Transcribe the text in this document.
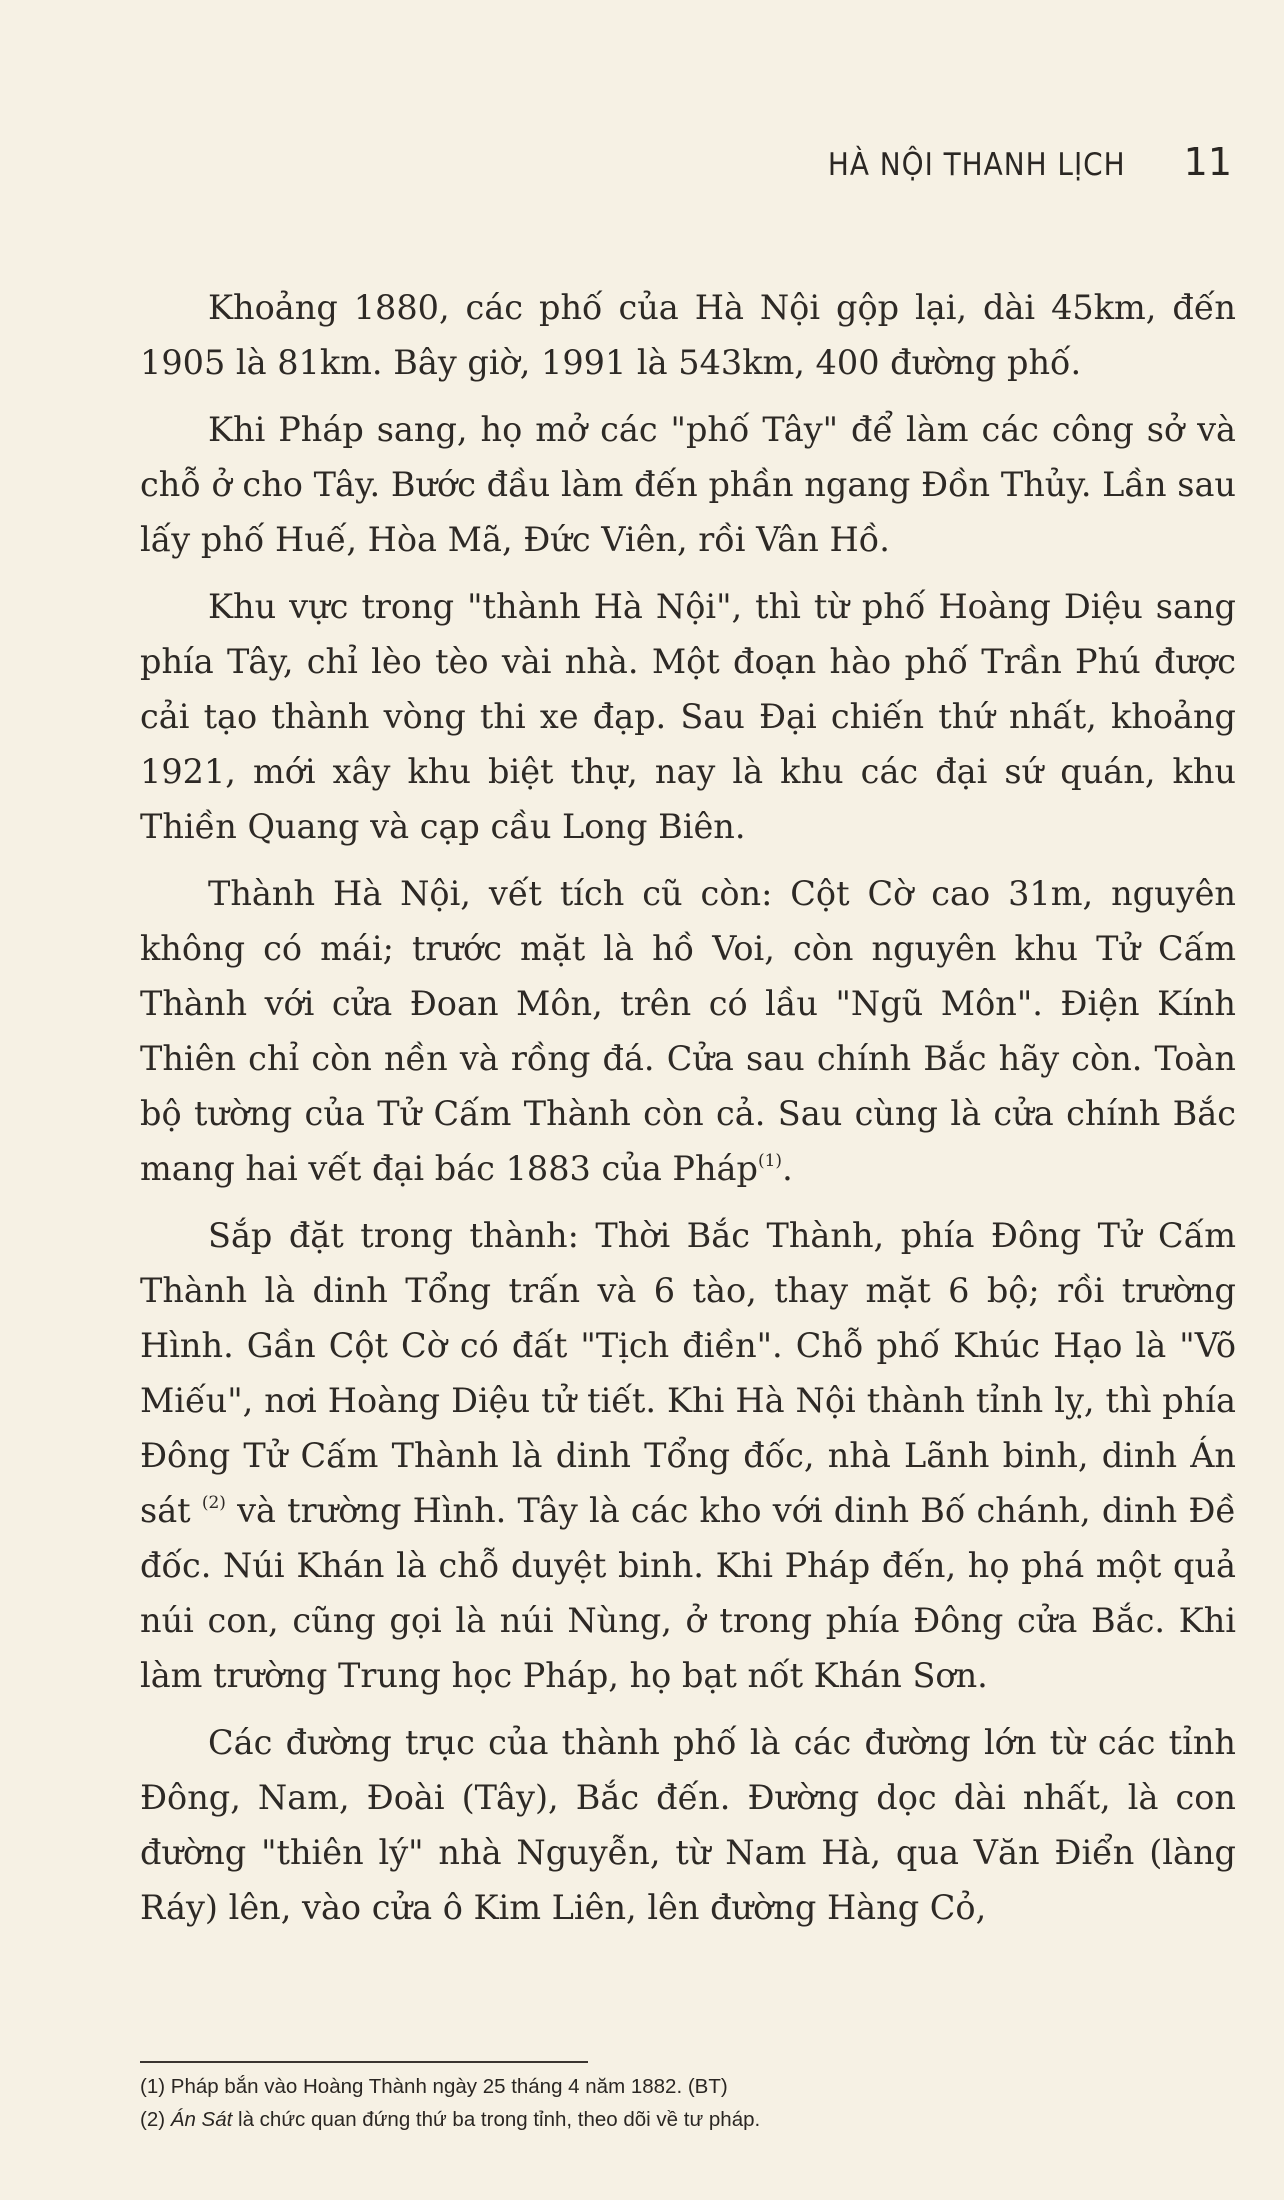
HÀ NỘI THANH LỊCH 11

Khoảng 1880, các phố của Hà Nội gộp lại, dài 45km, đến 1905 là 81km. Bây giờ, 1991 là 543km, 400 đường phố.

Khi Pháp sang, họ mở các "phố Tây" để làm các công sở và chỗ ở cho Tây. Bước đầu làm đến phần ngang Đồn Thủy. Lần sau lấy phố Huế, Hòa Mã, Đức Viên, rồi Vân Hồ.

Khu vực trong "thành Hà Nội", thì từ phố Hoàng Diệu sang phía Tây, chỉ lèo tèo vài nhà. Một đoạn hào phố Trần Phú được cải tạo thành vòng thi xe đạp. Sau Đại chiến thứ nhất, khoảng 1921, mới xây khu biệt thự, nay là khu các đại sứ quán, khu Thiền Quang và cạp cầu Long Biên.

Thành Hà Nội, vết tích cũ còn: Cột Cờ cao 31m, nguyên không có mái; trước mặt là hồ Voi, còn nguyên khu Tử Cấm Thành với cửa Đoan Môn, trên có lầu "Ngũ Môn". Điện Kính Thiên chỉ còn nền và rồng đá. Cửa sau chính Bắc hãy còn. Toàn bộ tường của Tử Cấm Thành còn cả. Sau cùng là cửa chính Bắc mang hai vết đại bác 1883 của Pháp$^{(1)}$.

Sắp đặt trong thành: Thời Bắc Thành, phía Đông Tử Cấm Thành là dinh Tổng trấn và 6 tào, thay mặt 6 bộ; rồi trường Hình. Gần Cột Cờ có đất "Tịch điền". Chỗ phố Khúc Hạo là "Võ Miếu", nơi Hoàng Diệu tử tiết. Khi Hà Nội thành tỉnh lỵ, thì phía Đông Tử Cấm Thành là dinh Tổng đốc, nhà Lãnh binh, dinh Án sát $^{(2)}$ và trường Hình. Tây là các kho với dinh Bố chánh, dinh Đề đốc. Núi Khán là chỗ duyệt binh. Khi Pháp đến, họ phá một quả núi con, cũng gọi là núi Nùng, ở trong phía Đông cửa Bắc. Khi làm trường Trung học Pháp, họ bạt nốt Khán Sơn.

Các đường trục của thành phố là các đường lớn từ các tỉnh Đông, Nam, Đoài (Tây), Bắc đến. Đường dọc dài nhất, là con đường "thiên lý" nhà Nguyễn, từ Nam Hà, qua Văn Điển (làng Ráy) lên, vào cửa ô Kim Liên, lên đường Hàng Cỏ,

(1) Pháp bắn vào Hoàng Thành ngày 25 tháng 4 năm 1882. (BT)
(2) Án Sát là chức quan đứng thứ ba trong tỉnh, theo dõi về tư pháp.
